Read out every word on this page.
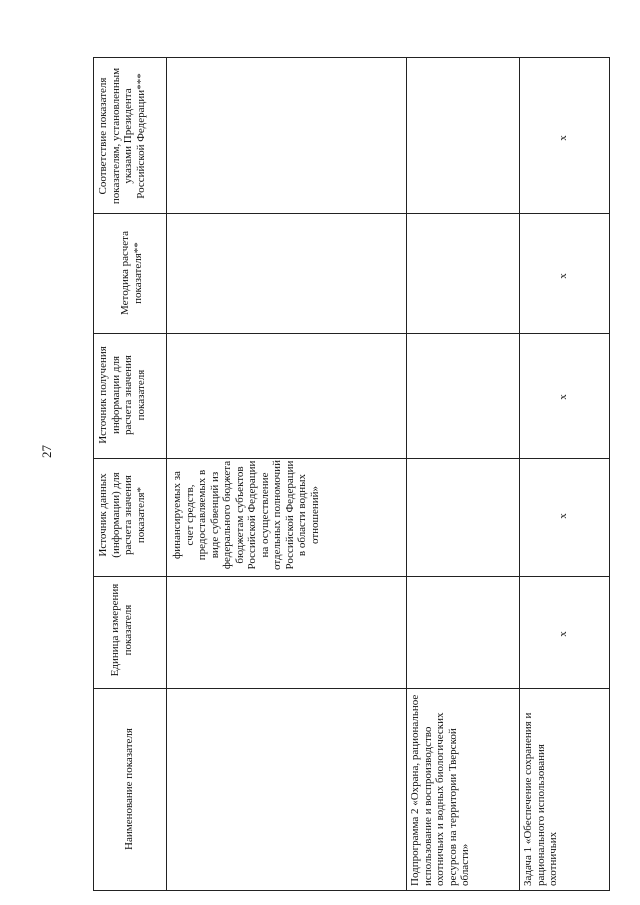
27
Соответствие показателя показателям, установленным указами Президента Российской Федерации***
Методика расчета показателя**
Источник получения информации для расчета значения показателя
Источник данных (информации) для расчета значения показателя*
Единица измерения показателя
Наименование показателя
финансируемых за счет средств, предоставляемых в виде субвенций из федерального бюджета бюджетам субъектов Российской Федерации на осуществление отдельных полномочий Российской Федерации в области водных отношений»
Подпрограмма 2 «Охрана, рациональное использование и воспроизводство охотничьих и водных биологических ресурсов на территории Тверской области»	Задача 1 «Обеспечение сохранения и рационального использования охотничьих
x
x
x
x
x
